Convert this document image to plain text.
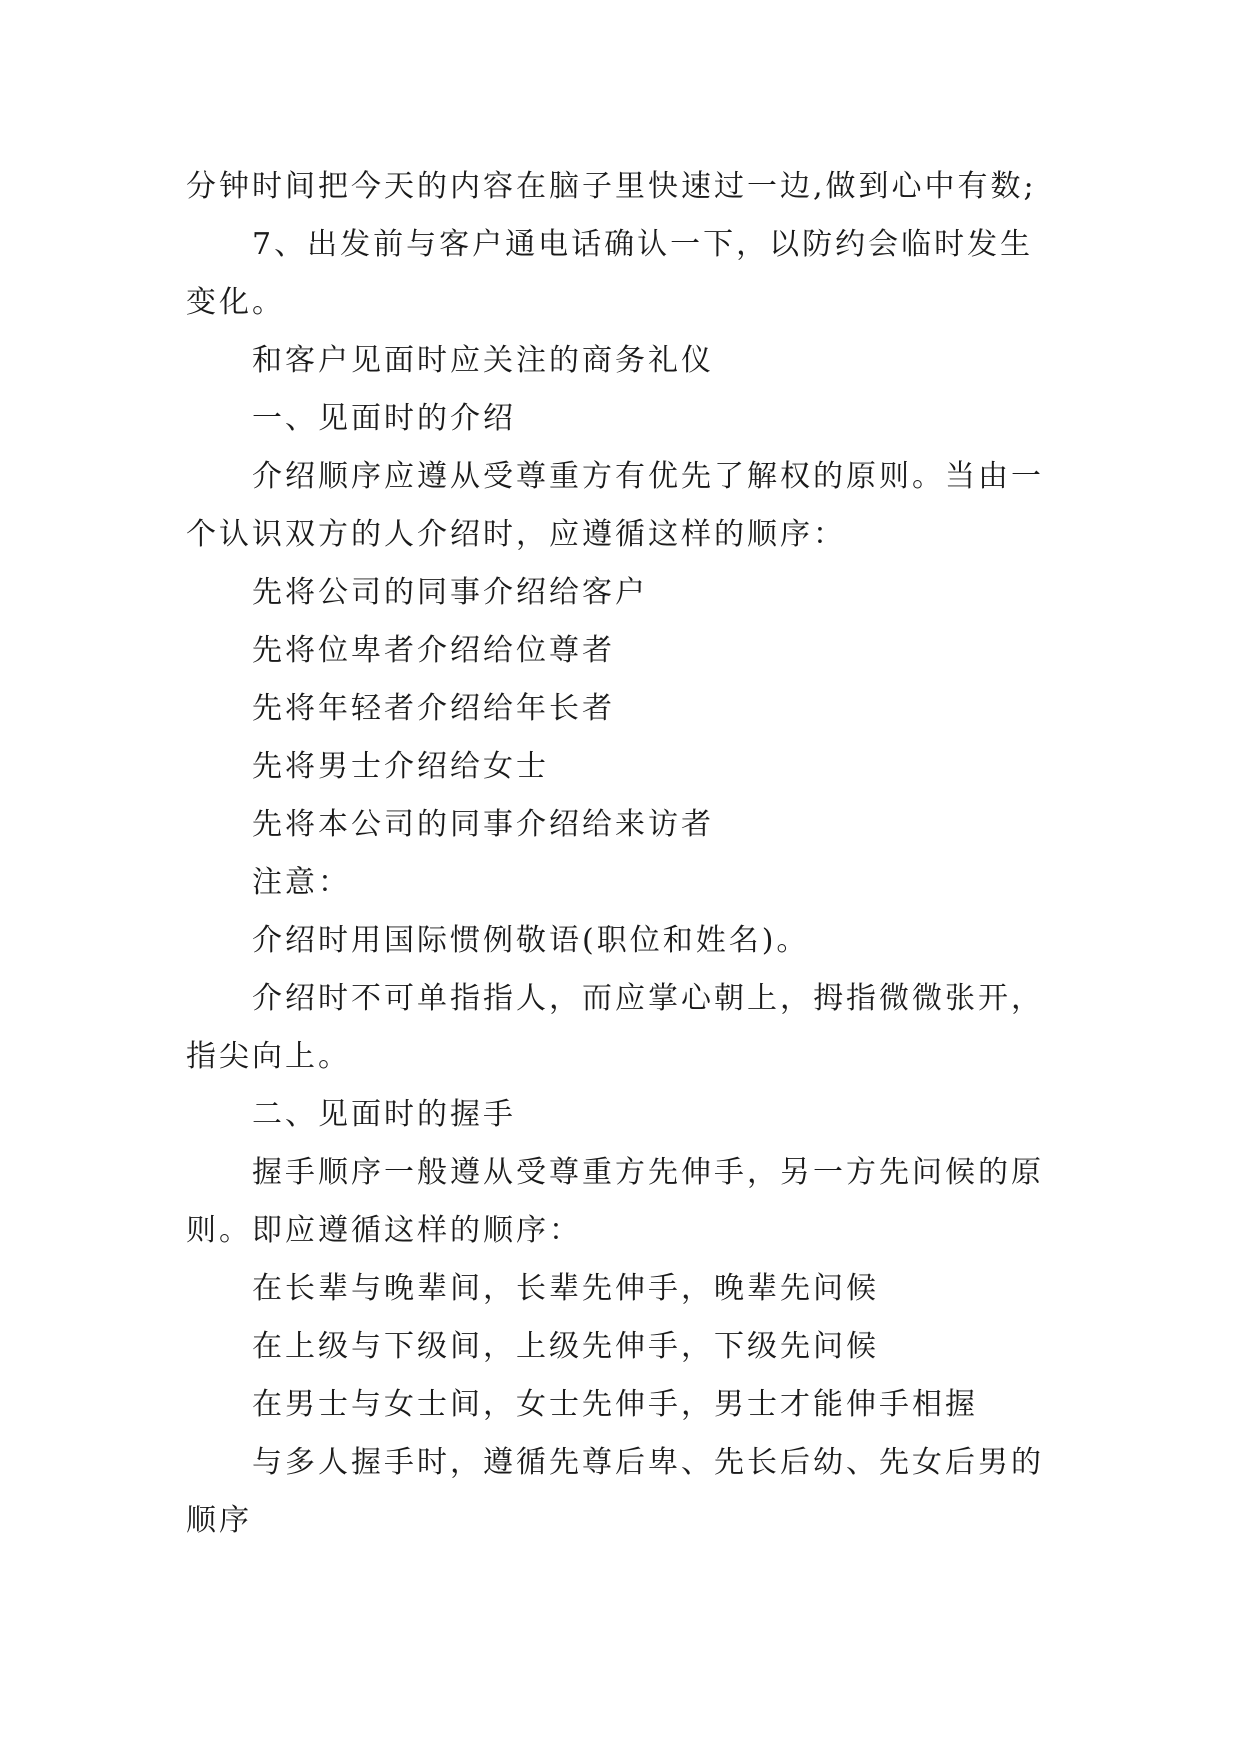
分钟时间把今天的内容在脑子里快速过一边,做到心中有数;

7、出发前与客户通电话确认一下，以防约会临时发生变化。

和客户见面时应关注的商务礼仪

一、见面时的介绍

介绍顺序应遵从受尊重方有优先了解权的原则。当由一个认识双方的人介绍时，应遵循这样的顺序：

先将公司的同事介绍给客户

先将位卑者介绍给位尊者

先将年轻者介绍给年长者

先将男士介绍给女士

先将本公司的同事介绍给来访者

注意：

介绍时用国际惯例敬语(职位和姓名)。

介绍时不可单指指人，而应掌心朝上，拇指微微张开，指尖向上。

二、见面时的握手

握手顺序一般遵从受尊重方先伸手，另一方先问候的原则。即应遵循这样的顺序：

在长辈与晚辈间，长辈先伸手，晚辈先问候

在上级与下级间，上级先伸手，下级先问候

在男士与女士间，女士先伸手，男士才能伸手相握

与多人握手时，遵循先尊后卑、先长后幼、先女后男的顺序
